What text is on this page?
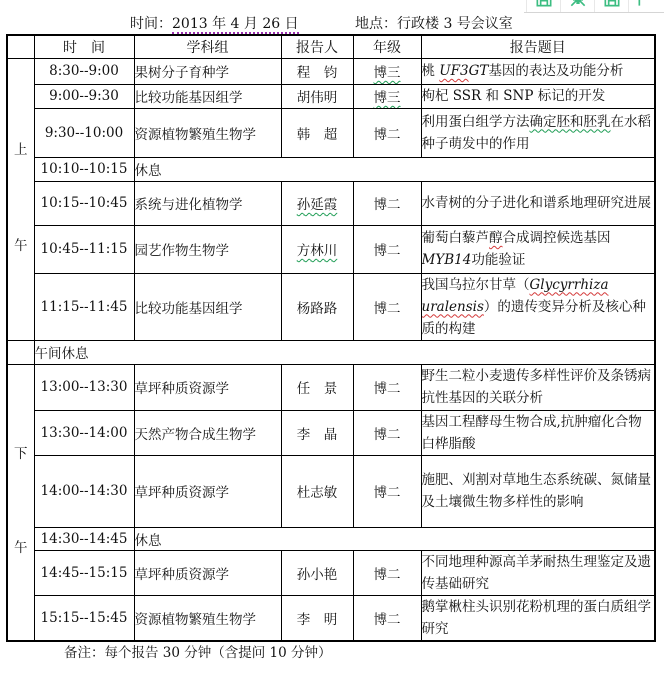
时间：2013 年 4 月 26 日	地点：行政楼 3 号会议室
	时　间	学科组	报告人	年级	报告题目

上
午	8:30--9:00	果树分子育种学	程　钧	博三	桃 UF3GT基因的表达及功能分析
	9:00--9:30	比较功能基因组学	胡伟明	博三	枸杞 SSR 和 SNP 标记的开发
	9:30--10:00	资源植物繁殖生物学	韩　超	博二	利用蛋白组学方法确定胚和胚乳在水稻种子萌发中的作用
	10:10--10:15	休息			
	10:15--10:45	系统与进化植物学	孙延霞	博二	水青树的分子进化和谱系地理研究进展
	10:45--11:15	园艺作物生物学	方林川	博二	葡萄白藜芦醇合成调控候选基因MYB14功能验证
	11:15--11:45	比较功能基因组学	杨路路	博二	我国乌拉尔甘草（Glycyrrhiza uralensis）的遗传变异分析及核心种质的构建
	午间休息				

下
午	13:00--13:30	草坪种质资源学	任　景	博二	野生二粒小麦遗传多样性评价及条锈病抗性基因的关联分析
	13:30--14:00	天然产物合成生物学	李　晶	博二	基因工程酵母生物合成,抗肿瘤化合物白桦脂酸
	14:00--14:30	草坪种质资源学	杜志敏	博二	施肥、刈割对草地生态系统碳、氮储量及土壤微生物多样性的影响
	14:30--14:45	休息			
	14:45--15:15	草坪种质资源学	孙小艳	博二	不同地理种源高羊茅耐热生理鉴定及遗传基础研究
	15:15--15:45	资源植物繁殖生物学	李　明	博二	鹅掌楸柱头识别花粉机理的蛋白质组学研究
备注：每个报告 30 分钟（含提问 10 分钟）
